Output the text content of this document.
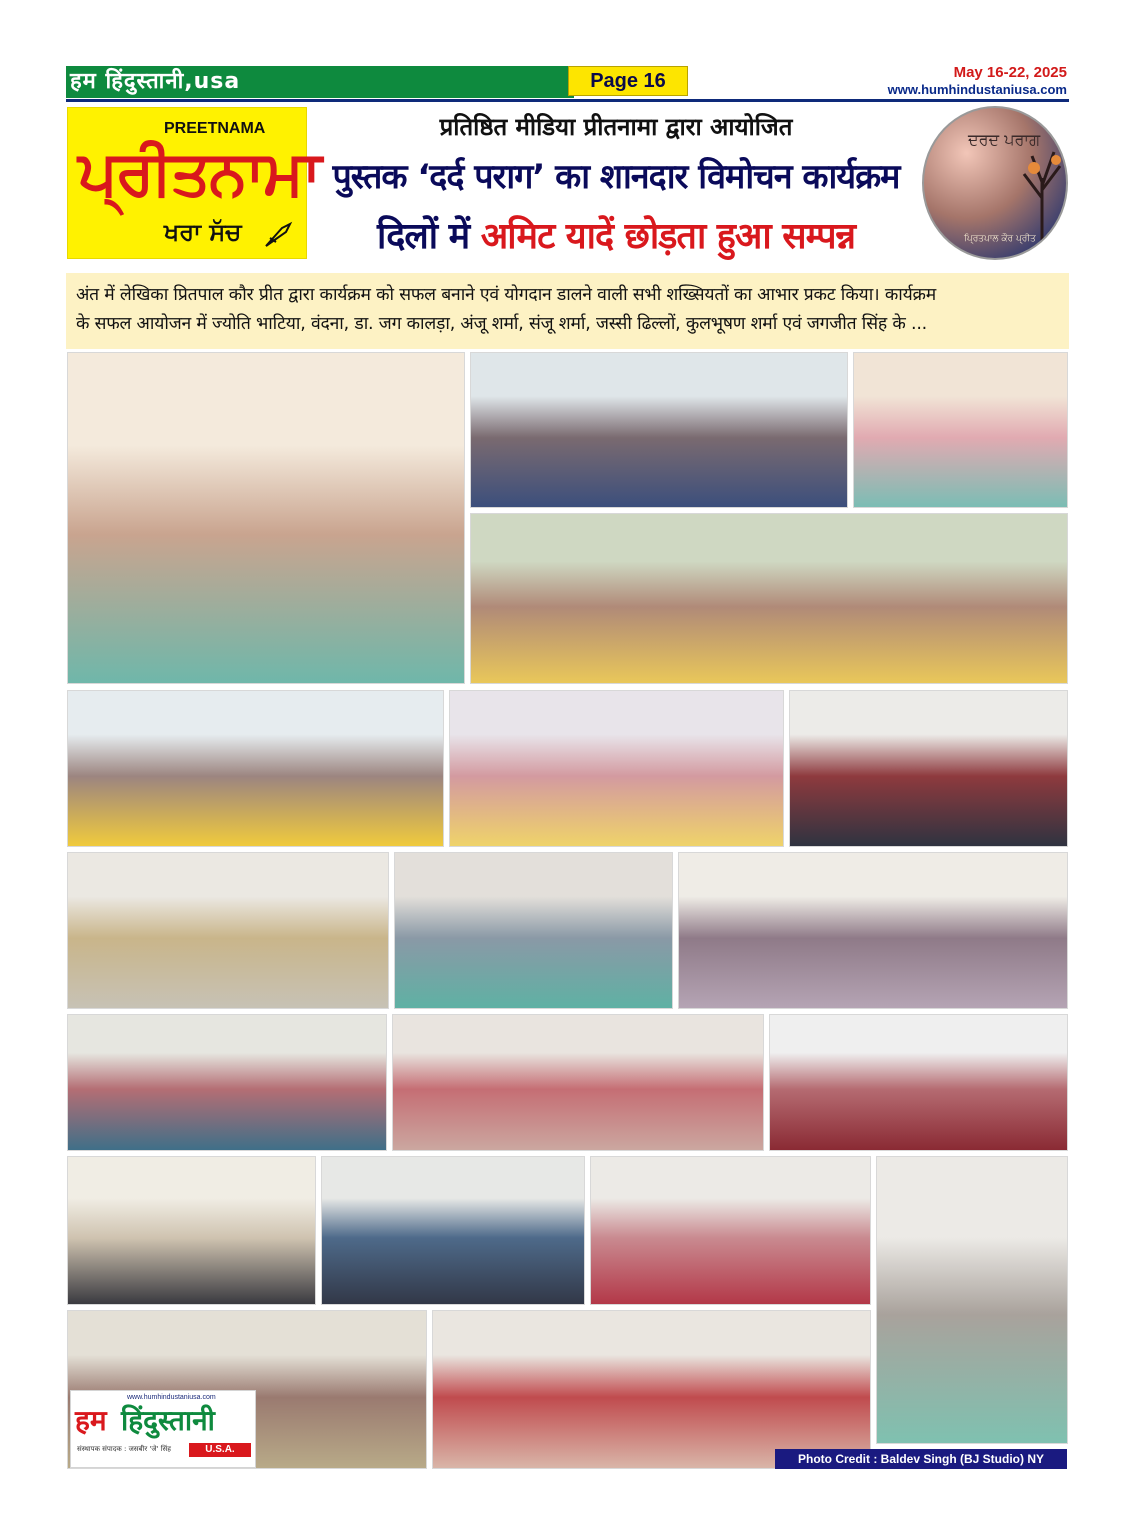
हम हिंदुस्तानी,usa	Page 16	May 16-22, 2025
www.humhindustaniusa.com
PREETNAMA
ਪ੍ਰੀਤਨਾਮਾ
ਖਰਾ ਸੱਚ
प्रतिष्ठित मीडिया प्रीतनामा द्वारा आयोजित
पुस्तक ‘दर्द पराग’ का शानदार विमोचन कार्यक्रम
दिलों में अमिट यादें छोड़ता हुआ सम्पन्न
ਦਰਦ ਪਰਾਗ
ਪ੍ਰਿਤਪਾਲ ਕੌਰ ਪ੍ਰੀਤ
अंत में लेखिका प्रितपाल कौर प्रीत द्वारा कार्यक्रम को सफल बनाने एवं योगदान डालने वाली सभी शख्सियतों का आभार प्रकट किया। कार्यक्रम
के सफल आयोजन में ज्योति भाटिया, वंदना, डा. जग कालड़ा, अंजू शर्मा, संजू शर्मा, जस्सी ढिल्लों, कुलभूषण शर्मा एवं जगजीत सिंह के ...
www.humhindustaniusa.com
हम हिंदुस्तानी
संस्थापक संपादक : जसबीर 'जे' सिंह	U.S.A.
Photo Credit : Baldev Singh (BJ Studio) NY
